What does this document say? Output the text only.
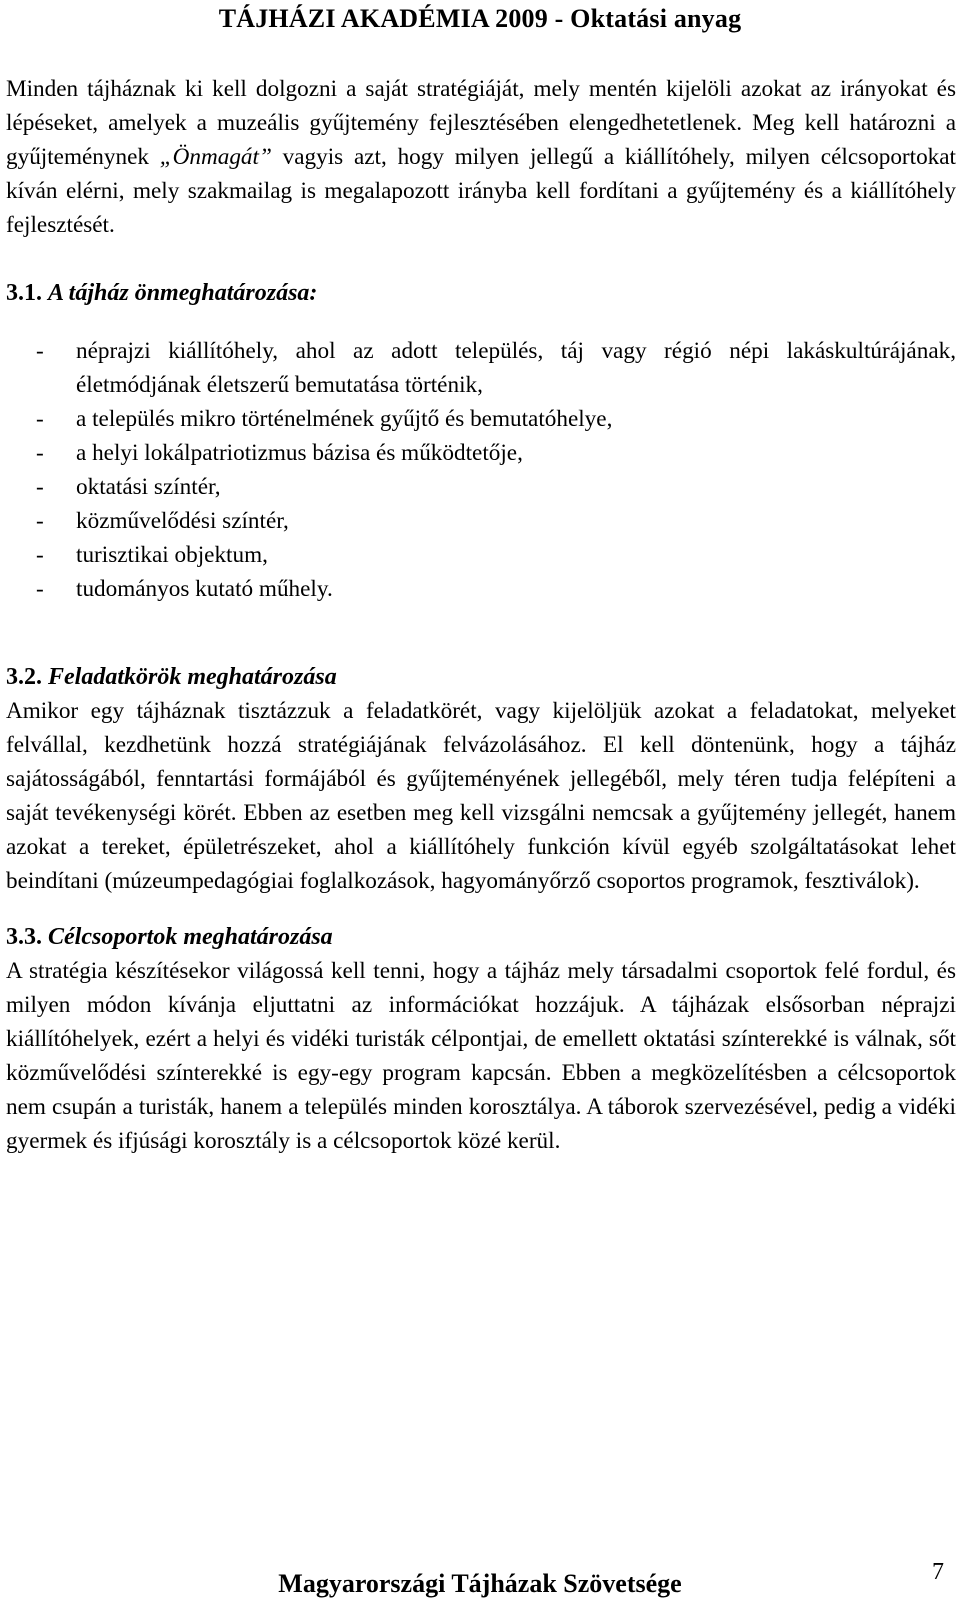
TÁJHÁZI AKADÉMIA 2009 - Oktatási anyag

Minden tájháznak ki kell dolgozni a saját stratégiáját, mely mentén kijelöli azokat az irányokat és lépéseket, amelyek a muzeális gyűjtemény fejlesztésében elengedhetetlenek. Meg kell határozni a gyűjteménynek „Önmagát” vagyis azt, hogy milyen jellegű a kiállítóhely, milyen célcsoportokat kíván elérni, mely szakmailag is megalapozott irányba kell fordítani a gyűjtemény és a kiállítóhely fejlesztését.

3.1. A tájház önmeghatározása:
- néprajzi kiállítóhely, ahol az adott település, táj vagy régió népi lakáskultúrájának, életmódjának életszerű bemutatása történik,
- a település mikro történelmének gyűjtő és bemutatóhelye,
- a helyi lokálpatriotizmus bázisa és működtetője,
- oktatási színtér,
- közművelődési színtér,
- turisztikai objektum,
- tudományos kutató műhely.
3.2. Feladatkörök meghatározása

Amikor egy tájháznak tisztázzuk a feladatkörét, vagy kijelöljük azokat a feladatokat, melyeket felvállal, kezdhetünk hozzá stratégiájának felvázolásához. El kell döntenünk, hogy a tájház sajátosságából, fenntartási formájából és gyűjteményének jellegéből, mely téren tudja felépíteni a saját tevékenységi körét. Ebben az esetben meg kell vizsgálni nemcsak a gyűjtemény jellegét, hanem azokat a tereket, épületrészeket, ahol a kiállítóhely funkción kívül egyéb szolgáltatásokat lehet beindítani (múzeumpedagógiai foglalkozások, hagyományőrző csoportos programok, fesztiválok).

3.3. Célcsoportok meghatározása

A stratégia készítésekor világossá kell tenni, hogy a tájház mely társadalmi csoportok felé fordul, és milyen módon kívánja eljuttatni az információkat hozzájuk. A tájházak elsősorban néprajzi kiállítóhelyek, ezért a helyi és vidéki turisták célpontjai, de emellett oktatási színterekké is válnak, sőt közművelődési színterekké is egy-egy program kapcsán. Ebben a megközelítésben a célcsoportok nem csupán a turisták, hanem a település minden korosztálya. A táborok szervezésével, pedig a vidéki gyermek és ifjúsági korosztály is a célcsoportok közé kerül.

Magyarországi Tájházak Szövetsége	7
